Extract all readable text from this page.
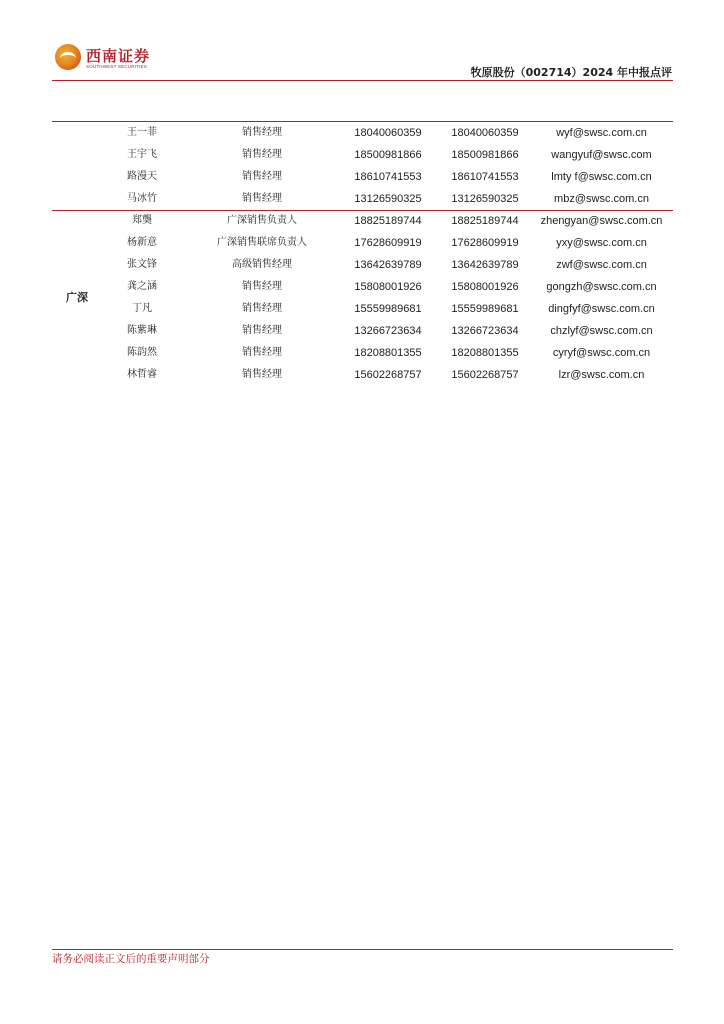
西南证券
SOUTHWEST SECURITIES	牧原股份（002714）2024 年中报点评
王一菲	销售经理	18040060359	18040060359	wyf@swsc.com.cn
王宇飞	销售经理	18500981866	18500981866	wangyuf@swsc.com
路漫天	销售经理	18610741553	18610741553	lmty f@swsc.com.cn
马冰竹	销售经理	13126590325	13126590325	mbz@swsc.com.cn
郑龑	广深销售负责人	18825189744	18825189744	zhengyan@swsc.com.cn
杨新意	广深销售联席负责人	17628609919	17628609919	yxy@swsc.com.cn
张文锋	高级销售经理	13642639789	13642639789	zwf@swsc.com.cn
龚之涵	销售经理	15808001926	15808001926	gongzh@swsc.com.cn
丁凡	销售经理	15559989681	15559989681	dingfyf@swsc.com.cn
陈紫琳	销售经理	13266723634	13266723634	chzlyf@swsc.com.cn
陈韵然	销售经理	18208801355	18208801355	cyryf@swsc.com.cn
林哲睿	销售经理	15602268757	15602268757	lzr@swsc.com.cn
广深
请务必阅读正文后的重要声明部分
